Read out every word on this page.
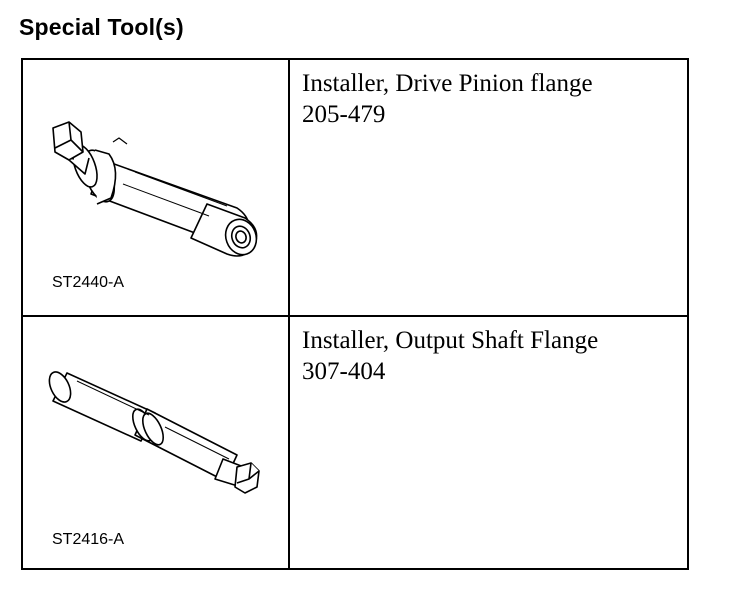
Special Tool(s)
ST2440-A
Installer, Drive Pinion flange
205-479
ST2416-A
Installer, Output Shaft Flange
307-404
